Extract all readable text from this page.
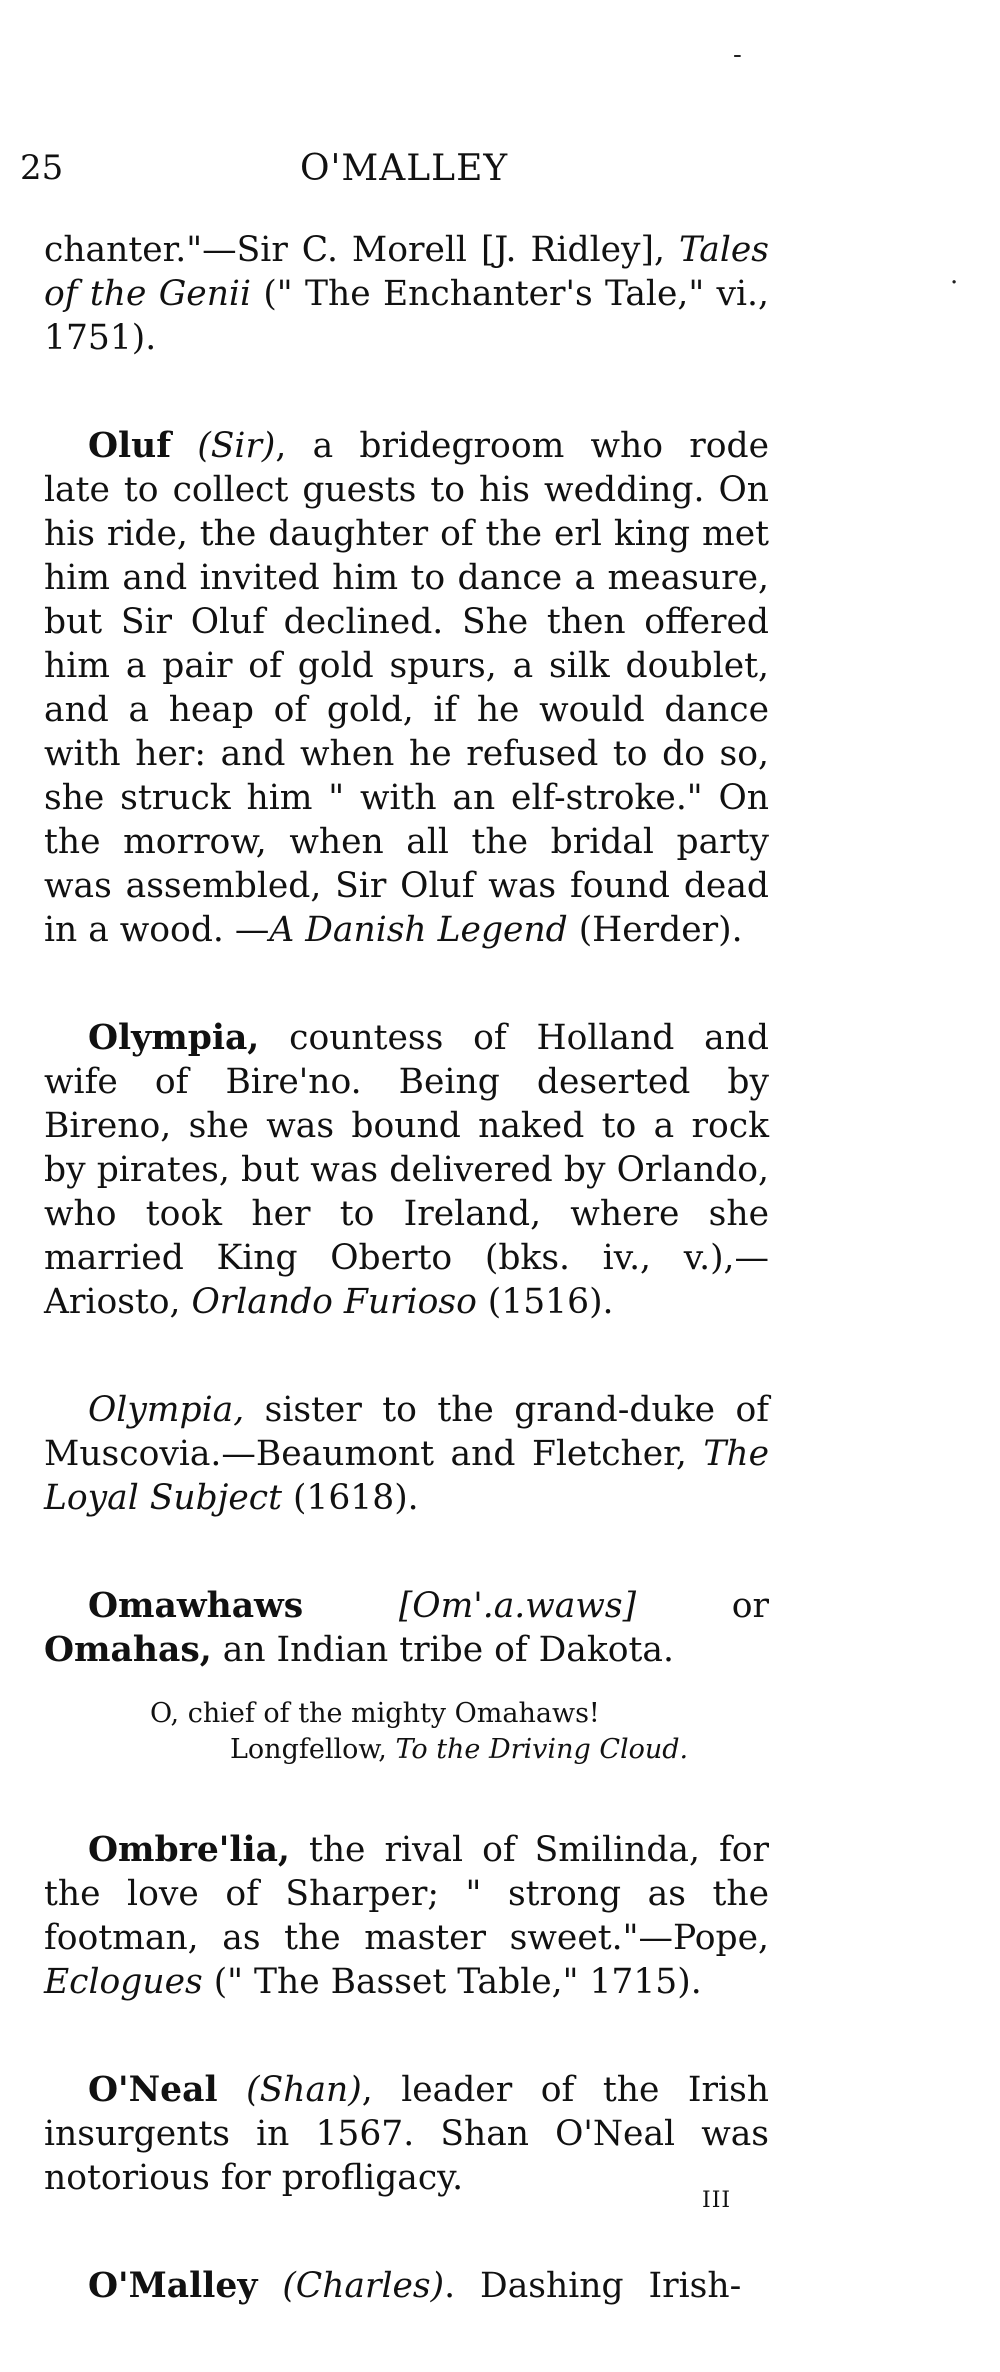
-
·
25	O'MALLEY

chanter."—Sir C. Morell [J. Ridley], Tales of the Genii (" The Enchanter's Tale," vi., 1751).

Oluf (Sir), a bridegroom who rode late to collect guests to his wedding. On his ride, the daughter of the erl king met him and invited him to dance a measure, but Sir Oluf declined. She then offered him a pair of gold spurs, a silk doublet, and a heap of gold, if he would dance with her: and when he refused to do so, she struck him " with an elf-stroke." On the morrow, when all the bridal party was assembled, Sir Oluf was found dead in a wood. —A Danish Legend (Herder).

Olympia, countess of Holland and wife of Bire'no. Being deserted by Bireno, she was bound naked to a rock by pirates, but was delivered by Orlando, who took her to Ireland, where she married King Oberto (bks. iv., v.),—Ariosto, Orlando Furioso (1516).

Olympia, sister to the grand-duke of Muscovia.—Beaumont and Fletcher, The Loyal Subject (1618).

Omawhaws	[Om'.a.waws] or Omahas, an Indian tribe of Dakota.

O, chief of the mighty Omahaws!
Longfellow, To the Driving Cloud.

Ombre'lia, the rival of Smilinda, for the love of Sharper; " strong as the footman, as the master sweet."—Pope, Eclogues (" The Basset Table," 1715).

O'Neal (Shan), leader of the Irish insurgents in 1567. Shan O'Neal was notorious for profligacy.

O'Malley (Charles). Dashing Irish-

III
